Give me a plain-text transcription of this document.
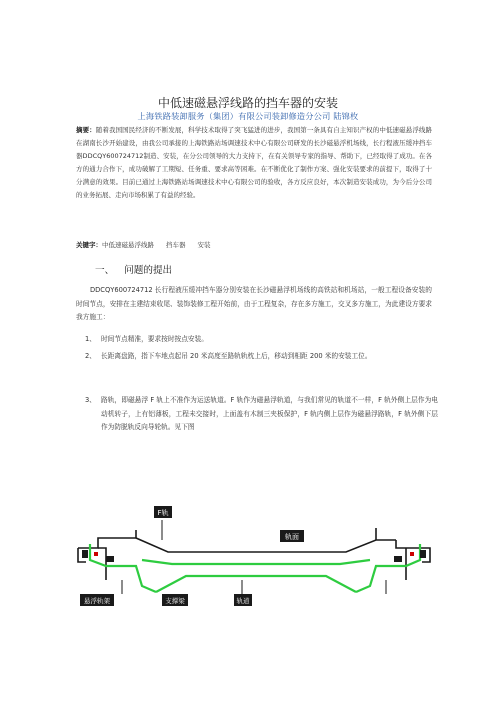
中低速磁悬浮线路的挡车器的安装
上海铁路装卸服务（集团）有限公司装卸修造分公司 陆锦枚
摘要：随着我国国民经济的不断发展，科学技术取得了突飞猛进的进步，我国第一条具有自主知识产权的中低速磁悬浮线路在湖南长沙开始建设，由我公司承接的上海铁路站场调速技术中心有限公司研发的长沙磁悬浮机场线，长行程液压缓冲挡车器DDCQY600724712制造、安装，在分公司领导的大力支持下，在有关领导专家的指导、帮助下，已经取得了成功。在各方的通力合作下，成功破解了工期短、任务重、要求高等困难。在不断优化了制作方案、强化安装要求的前提下，取得了十分满意的效果。目前已通过上海铁路站场调速技术中心有限公司的验收，各方反应良好，本次制造安装成功，为今后分公司的业务拓展、走向市场积累了有益的经验。
关键字：中低速磁悬浮线路 挡车器 安装
一、 问题的提出
DDCQY600724712 长行程液压缓冲挡车器分别安装在长沙磁悬浮机场线的高铁站和机场站，一般工程设备安装的时间节点，安排在主建结束收尾、装饰装修工程开始前，由于工程复杂，存在多方施工，交叉多方施工，为此建设方要求我方施工：
1、 时间节点精准，要求按时按点安装。
2、 长距离盘路，指下车地点起吊 20 米高度至路轨轨枕上后，移动到相距 200 米的安装工位。
3、 路轨，即磁悬浮 F 轨上不准作为运送轨道。F 轨作为磁悬浮轨道，与我们常见的轨道不一样，F 轨外侧上层作为电动机转子，上有铝薄板，工程未交接时，上面盖有木制三夹板保护，F 轨内侧上层作为磁悬浮路轨，F 轨外侧下层作为防脱轨反向导轮轨。见下图
F轨
轨面
悬浮轨架	支撑梁	轨道
